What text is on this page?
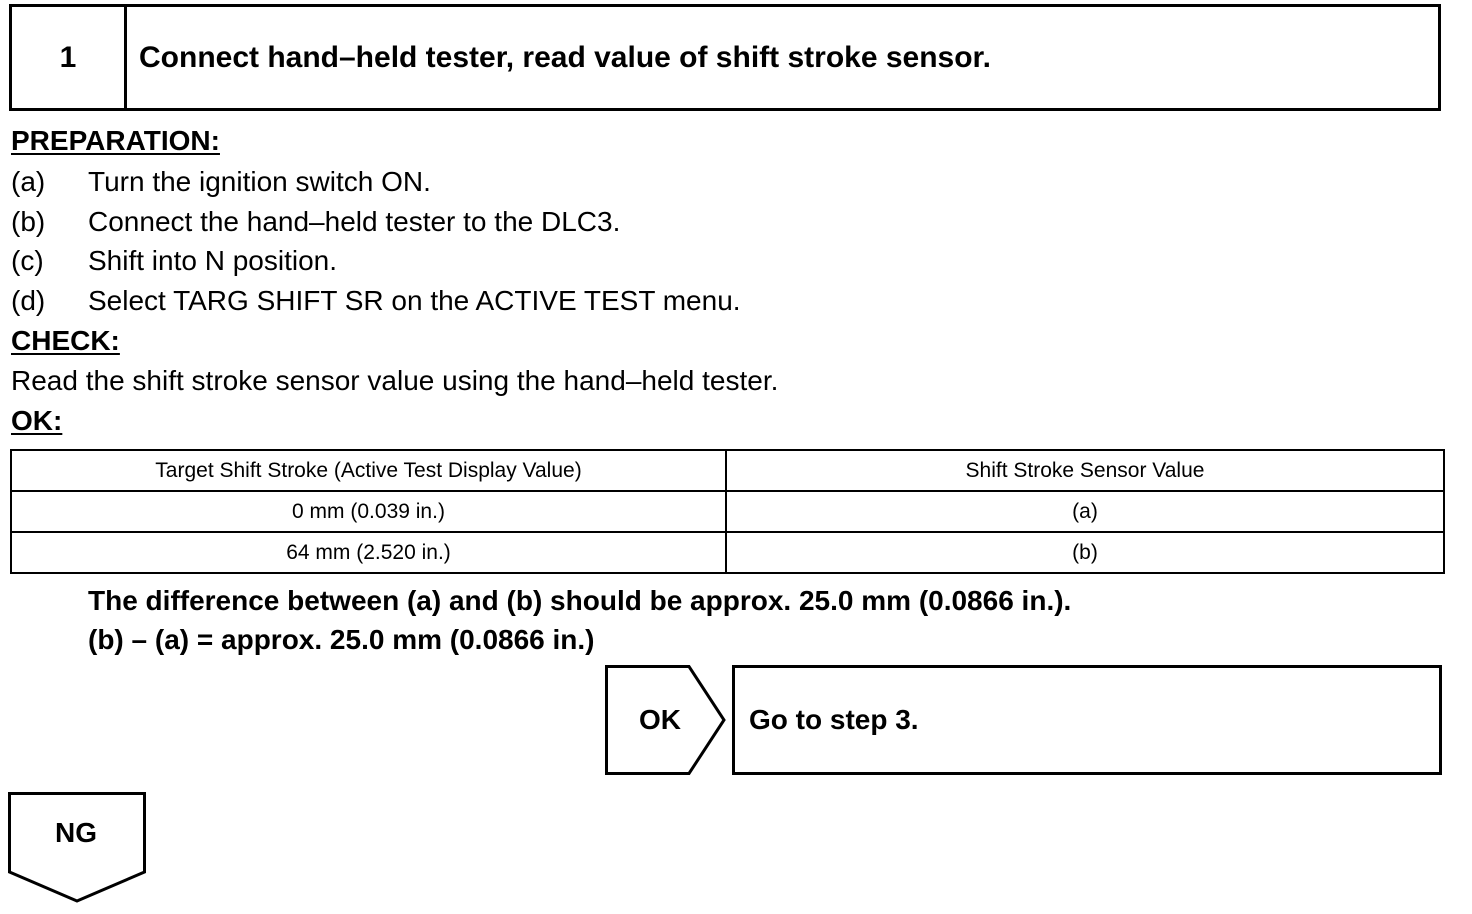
1	Connect hand–held tester, read value of shift stroke sensor.
PREPARATION:
(a) Turn the ignition switch ON.
(b) Connect the hand–held tester to the DLC3.
(c) Shift into N position.
(d) Select TARG SHIFT SR on the ACTIVE TEST menu.
CHECK:
Read the shift stroke sensor value using the hand–held tester.
OK:
Target Shift Stroke (Active Test Display Value)	Shift Stroke Sensor Value
0 mm (0.039 in.)	(a)
64 mm (2.520 in.)	(b)
The difference between (a) and (b) should be approx. 25.0 mm (0.0866 in.).
(b) – (a) = approx. 25.0 mm (0.0866 in.)
OK	Go to step 3.
NG
